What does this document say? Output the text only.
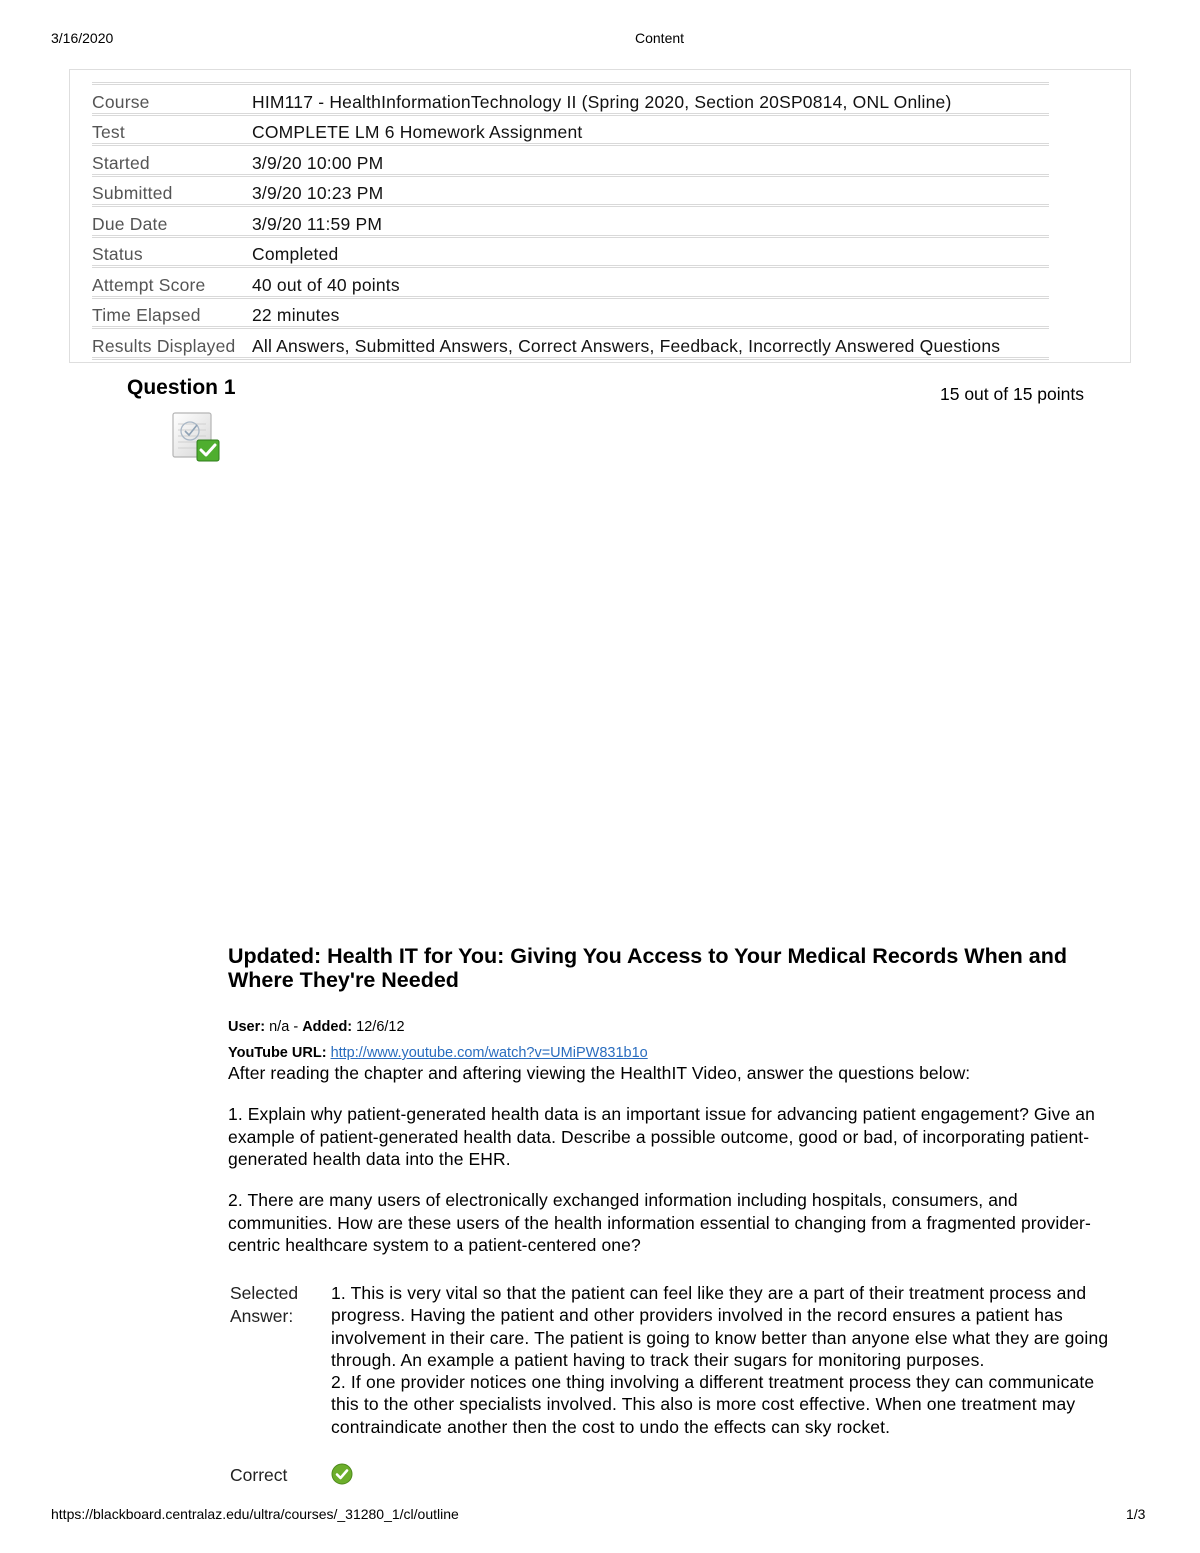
3/16/2020	Content
Course	HIM117 - HealthInformationTechnology II (Spring 2020, Section 20SP0814, ONL Online)
Test	COMPLETE LM 6 Homework Assignment
Started	3/9/20 10:00 PM
Submitted	3/9/20 10:23 PM
Due Date	3/9/20 11:59 PM
Status	Completed
Attempt Score	40 out of 40 points
Time Elapsed	22 minutes
Results Displayed	All Answers, Submitted Answers, Correct Answers, Feedback, Incorrectly Answered Questions
Question 1	15 out of 15 points
Updated: Health IT for You: Giving You Access to Your Medical Records When and Where They're Needed
User: n/a - Added: 12/6/12
YouTube URL: http://www.youtube.com/watch?v=UMiPW831b1o
After reading the chapter and aftering viewing the HealthIT Video, answer the questions below:
1. Explain why patient-generated health data is an important issue for advancing patient engagement? Give an example of patient-generated health data. Describe a possible outcome, good or bad, of incorporating patient-generated health data into the EHR.
2. There are many users of electronically exchanged information including hospitals, consumers, and communities. How are these users of the health information essential to changing from a fragmented provider-centric healthcare system to a patient-centered one?
Selected
Answer:
1. This is very vital so that the patient can feel like they are a part of their treatment process and progress. Having the patient and other providers involved in the record ensures a patient has involvement in their care. The patient is going to know better than anyone else what they are going through. An example a patient having to track their sugars for monitoring purposes.
2. If one provider notices one thing involving a different treatment process they can communicate this to the other specialists involved. This also is more cost effective. When one treatment may contraindicate another then the cost to undo the effects can sky rocket.
Correct
https://blackboard.centralaz.edu/ultra/courses/_31280_1/cl/outline	1/3
